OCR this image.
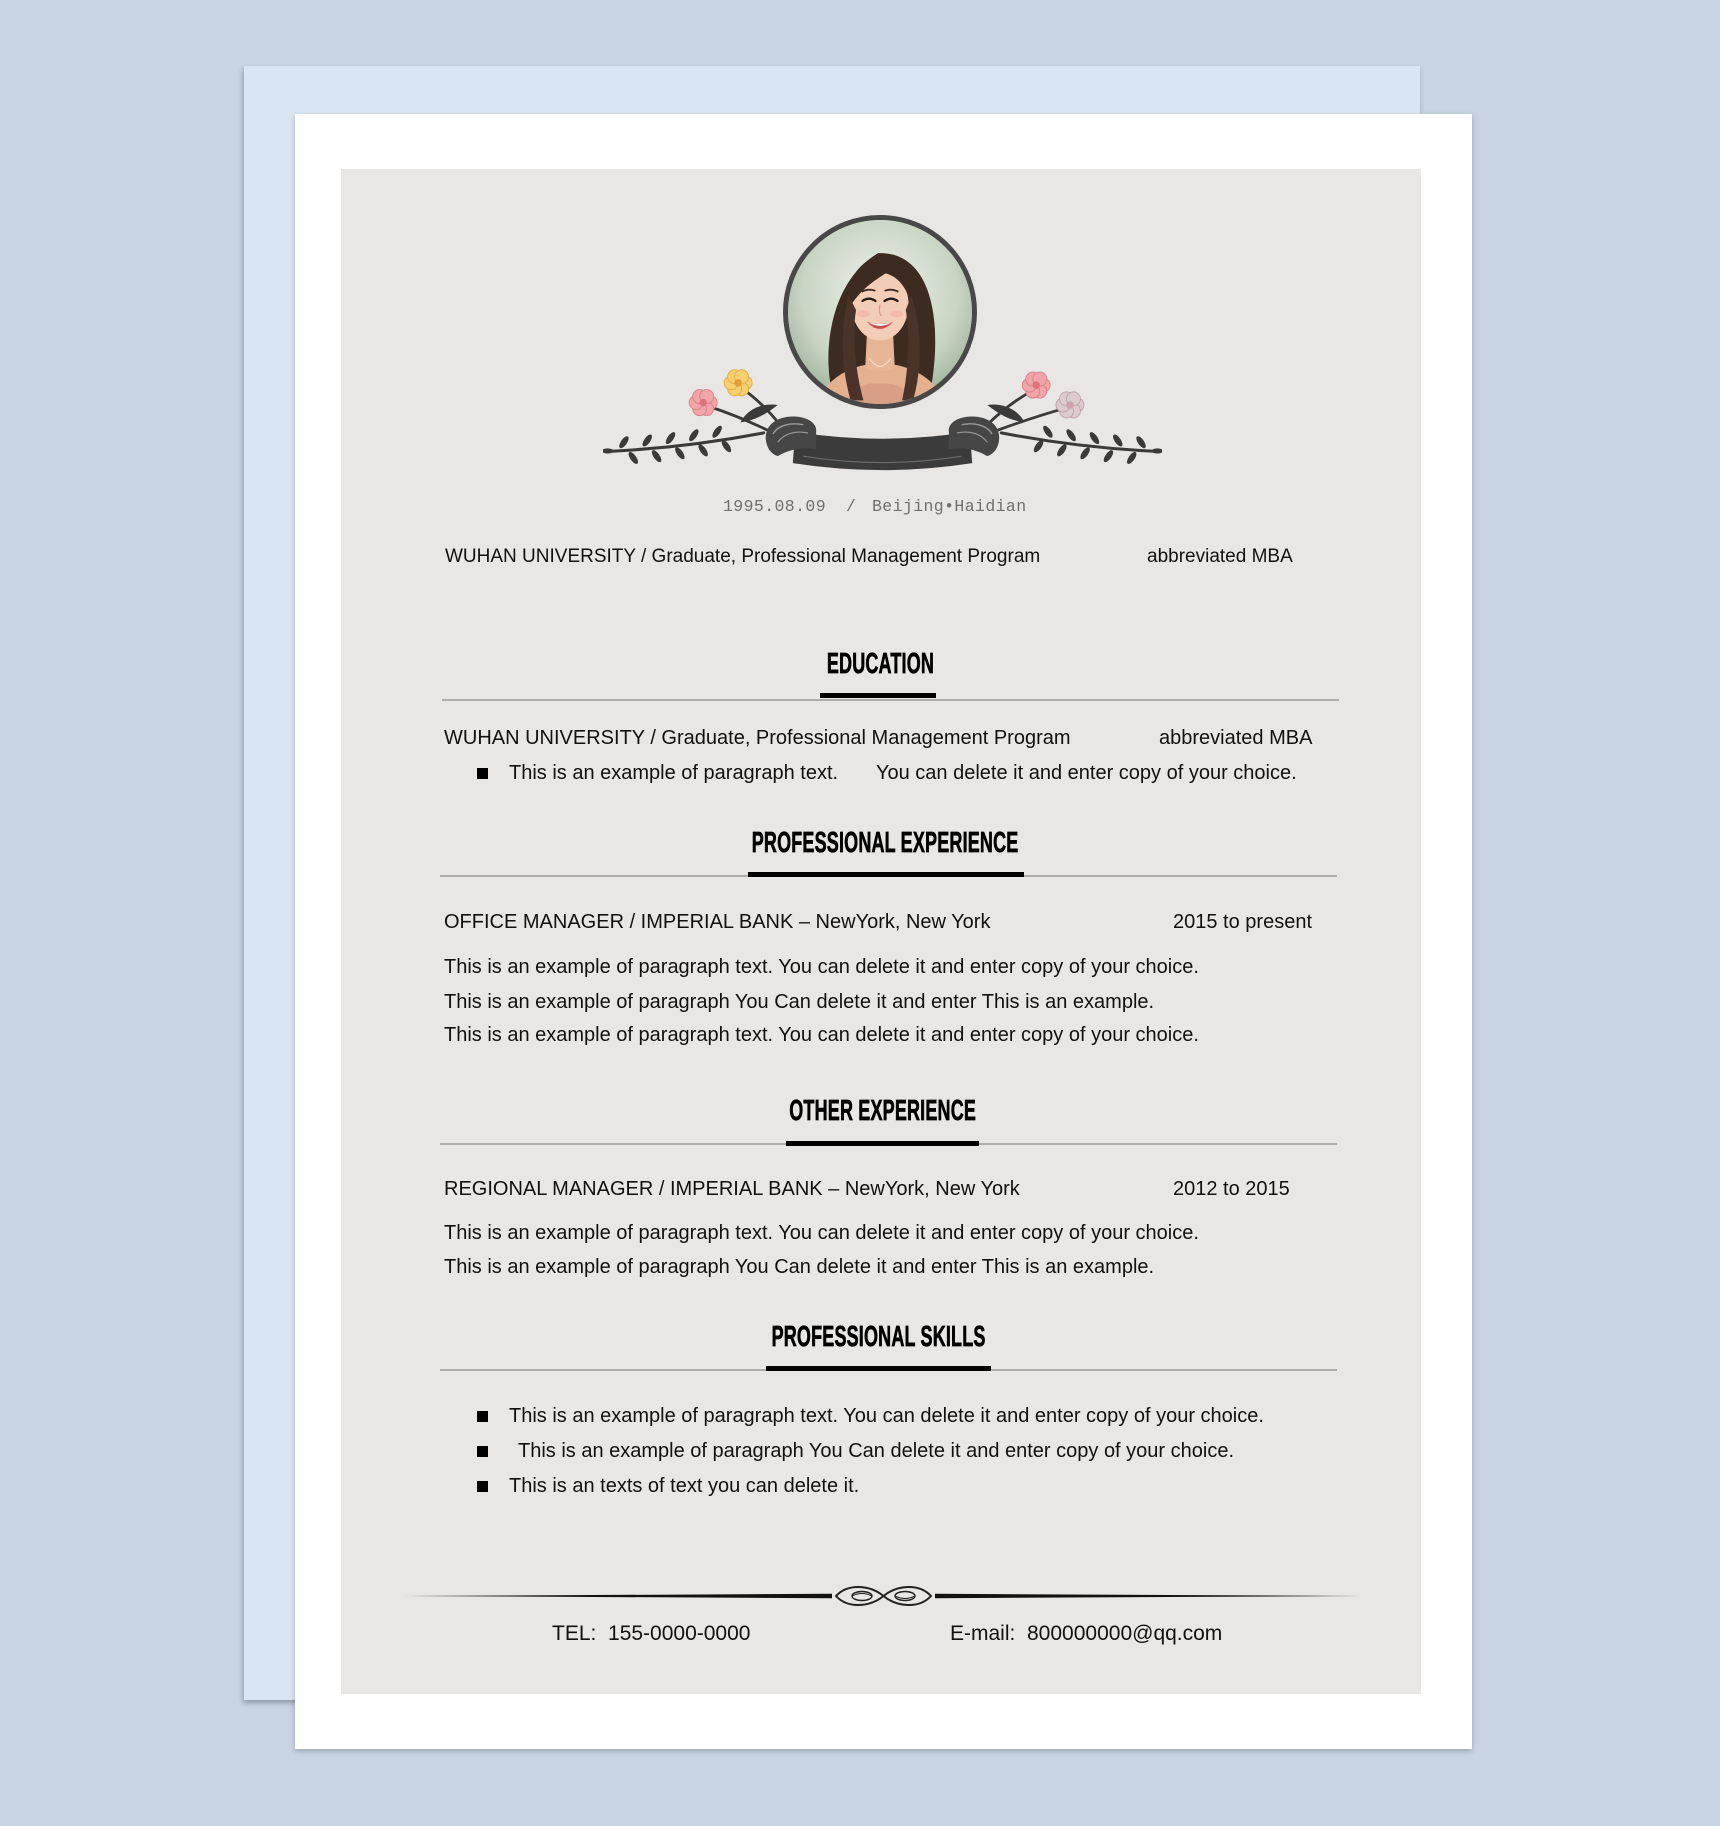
1995.08.09 / Beijing•Haidian
WUHAN UNIVERSITY / Graduate, Professional Management Program	abbreviated MBA
EDUCATION
WUHAN UNIVERSITY / Graduate, Professional Management Program	abbreviated MBA
This is an example of paragraph text. You can delete it and enter copy of your choice.
PROFESSIONAL EXPERIENCE
OFFICE MANAGER / IMPERIAL BANK – NewYork, New York	2015 to present
This is an example of paragraph text. You can delete it and enter copy of your choice.
This is an example of paragraph You Can delete it and enter This is an example.
This is an example of paragraph text. You can delete it and enter copy of your choice.
OTHER EXPERIENCE
REGIONAL MANAGER / IMPERIAL BANK – NewYork, New York	2012 to 2015
This is an example of paragraph text. You can delete it and enter copy of your choice.
This is an example of paragraph You Can delete it and enter This is an example.
PROFESSIONAL SKILLS
This is an example of paragraph text. You can delete it and enter copy of your choice.
This is an example of paragraph You Can delete it and enter copy of your choice.
This is an texts of text you can delete it.
TEL:  155-0000-0000	E-mail:  800000000@qq.com
